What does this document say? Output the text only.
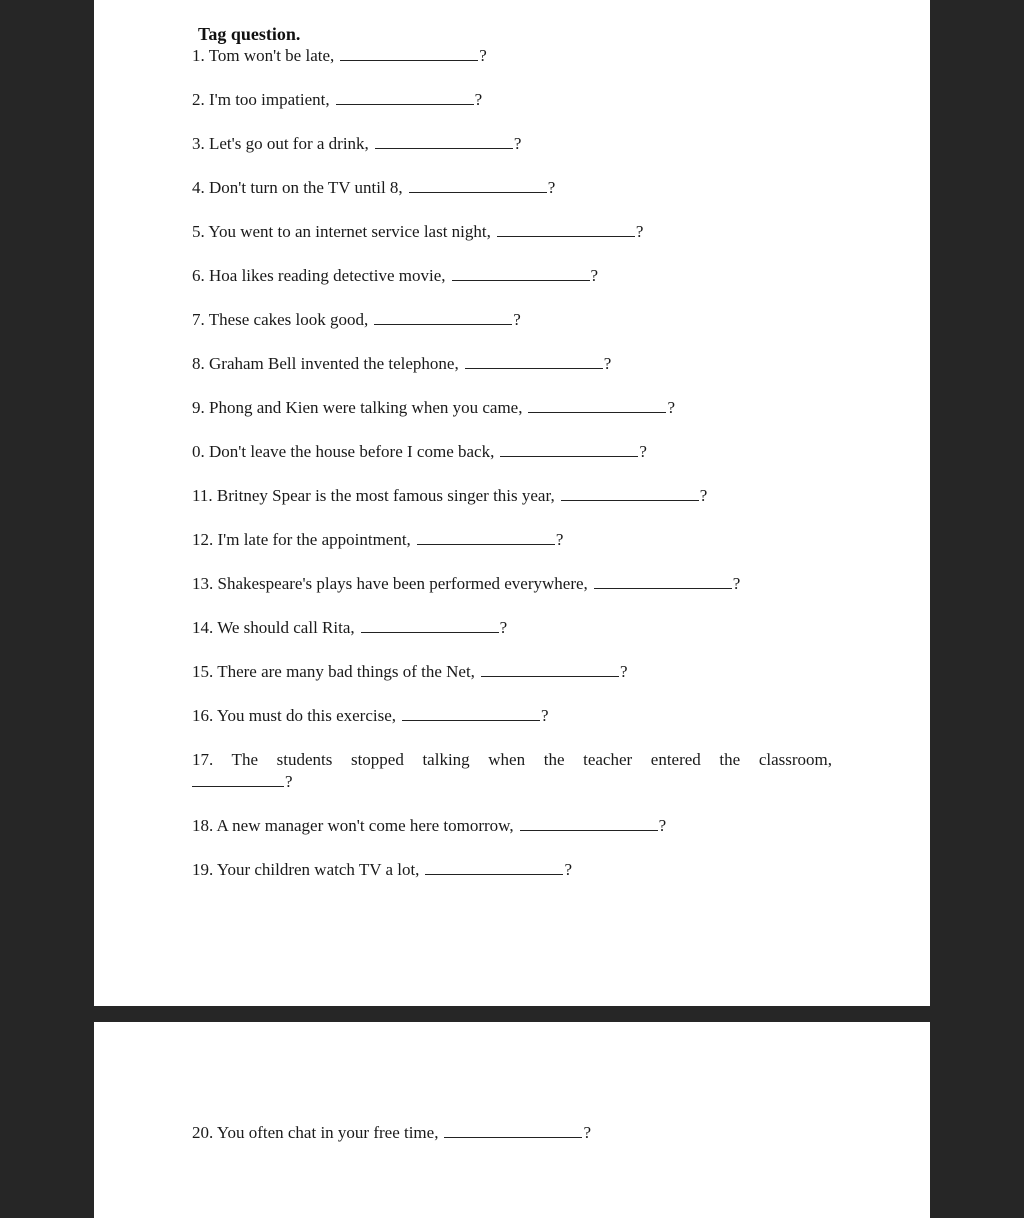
Tag question.
1. Tom won't be late,	?
2. I'm too impatient,	?
3. Let's go out for a drink,	?
4. Don't turn on the TV until 8,	?
5. You went to an internet service last night,	?
6. Hoa likes reading detective movie,	?
7. These cakes look good,	?
8. Graham Bell invented the telephone,	?
9. Phong and Kien were talking when you came,	?
0. Don't leave the house before I come back,	?
11. Britney Spear is the most famous singer this year,	?
12. I'm late for the appointment,	?
13. Shakespeare's plays have been performed everywhere,	?
14. We should call Rita,	?
15. There are many bad things of the Net,	?
16. You must do this exercise,	?
17. The students stopped talking when the teacher entered the classroom,
?
18. A new manager won't come here tomorrow,	?
19. Your children watch TV a lot,	?
20. You often chat in your free time,	?
